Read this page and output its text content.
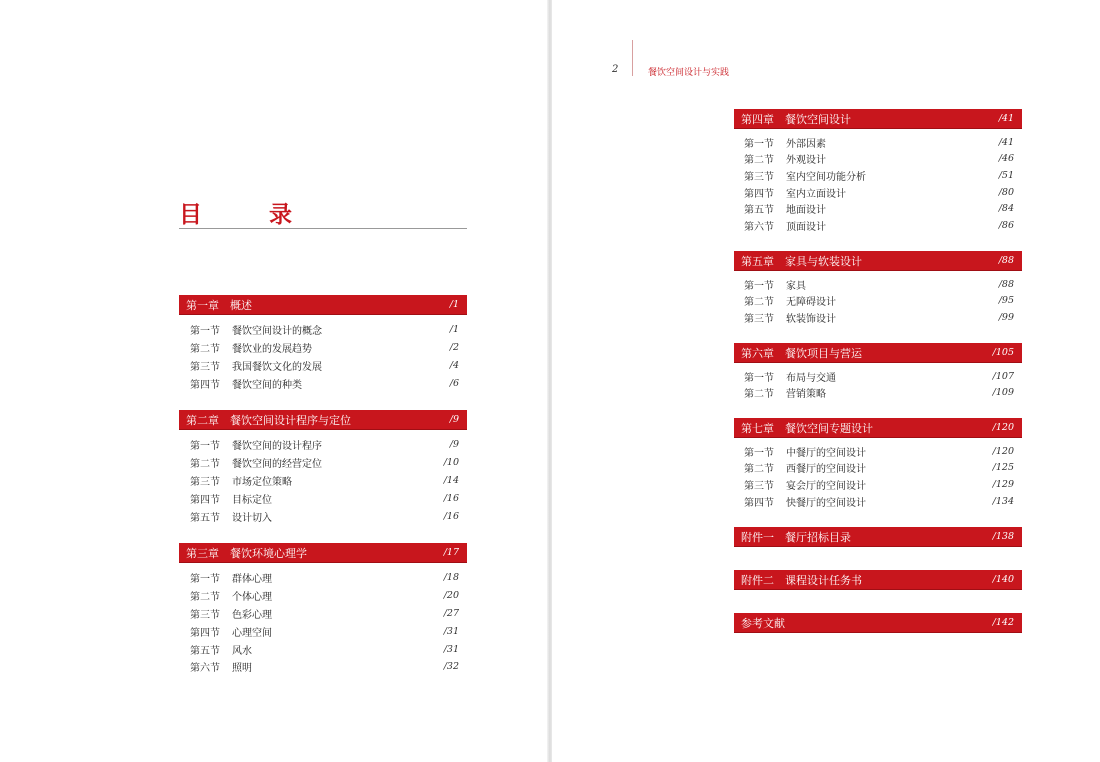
目　录
第一章	概述	/1
第一节	餐饮空间设计的概念	/1
第二节	餐饮业的发展趋势	/2
第三节	我国餐饮文化的发展	/4
第四节	餐饮空间的种类	/6
第二章	餐饮空间设计程序与定位	/9
第一节	餐饮空间的设计程序	/9
第二节	餐饮空间的经营定位	/10
第三节	市场定位策略	/14
第四节	目标定位	/16
第五节	设计切入	/16
第三章	餐饮环境心理学	/17
第一节	群体心理	/18
第二节	个体心理	/20
第三节	色彩心理	/27
第四节	心理空间	/31
第五节	风水	/31
第六节	照明	/32
2	餐饮空间设计与实践
第四章	餐饮空间设计	/41
第一节	外部因素	/41
第二节	外观设计	/46
第三节	室内空间功能分析	/51
第四节	室内立面设计	/80
第五节	地面设计	/84
第六节	顶面设计	/86
第五章	家具与软装设计	/88
第一节	家具	/88
第二节	无障碍设计	/95
第三节	软装饰设计	/99
第六章	餐饮项目与营运	/105
第一节	布局与交通	/107
第二节	营销策略	/109
第七章	餐饮空间专题设计	/120
第一节	中餐厅的空间设计	/120
第二节	西餐厅的空间设计	/125
第三节	宴会厅的空间设计	/129
第四节	快餐厅的空间设计	/134
附件一	餐厅招标目录	/138
附件二	课程设计任务书	/140
参考文献	/142
